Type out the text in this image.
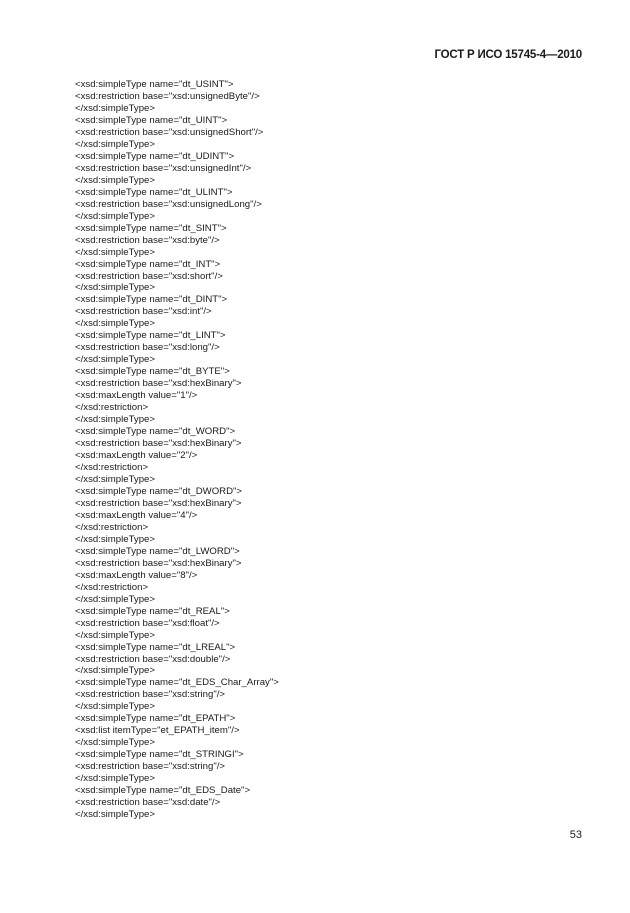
ГОСТ Р ИСО 15745-4—2010
<xsd:simpleType name="dt_USINT">
<xsd:restriction base="xsd:unsignedByte"/>
</xsd:simpleType>
<xsd:simpleType name="dt_UINT">
<xsd:restriction base="xsd:unsignedShort"/>
</xsd:simpleType>
<xsd:simpleType name="dt_UDINT">
<xsd:restriction base="xsd:unsignedInt"/>
</xsd:simpleType>
<xsd:simpleType name="dt_ULINT">
<xsd:restriction base="xsd:unsignedLong"/>
</xsd:simpleType>
<xsd:simpleType name="dt_SINT">
<xsd:restriction base="xsd:byte"/>
</xsd:simpleType>
<xsd:simpleType name="dt_INT">
<xsd:restriction base="xsd:short"/>
</xsd:simpleType>
<xsd:simpleType name="dt_DINT">
<xsd:restriction base="xsd:int"/>
</xsd:simpleType>
<xsd:simpleType name="dt_LINT">
<xsd:restriction base="xsd:long"/>
</xsd:simpleType>
<xsd:simpleType name="dt_BYTE">
<xsd:restriction base="xsd:hexBinary">
<xsd:maxLength value="1"/>
</xsd:restriction>
</xsd:simpleType>
<xsd:simpleType name="dt_WORD">
<xsd:restriction base="xsd:hexBinary">
<xsd:maxLength value="2"/>
</xsd:restriction>
</xsd:simpleType>
<xsd:simpleType name="dt_DWORD">
<xsd:restriction base="xsd:hexBinary">
<xsd:maxLength value="4"/>
</xsd:restriction>
</xsd:simpleType>
<xsd:simpleType name="dt_LWORD">
<xsd:restriction base="xsd:hexBinary">
<xsd:maxLength value="8"/>
</xsd:restriction>
</xsd:simpleType>
<xsd:simpleType name="dt_REAL">
<xsd:restriction base="xsd:float"/>
</xsd:simpleType>
<xsd:simpleType name="dt_LREAL">
<xsd:restriction base="xsd:double"/>
</xsd:simpleType>
<xsd:simpleType name="dt_EDS_Char_Array">
<xsd:restriction base="xsd:string"/>
</xsd:simpleType>
<xsd:simpleType name="dt_EPATH">
<xsd:list itemType="et_EPATH_item"/>
</xsd:simpleType>
<xsd:simpleType name="dt_STRINGI">
<xsd:restriction base="xsd:string"/>
</xsd:simpleType>
<xsd:simpleType name="dt_EDS_Date">
<xsd:restriction base="xsd:date"/>
</xsd:simpleType>
53
